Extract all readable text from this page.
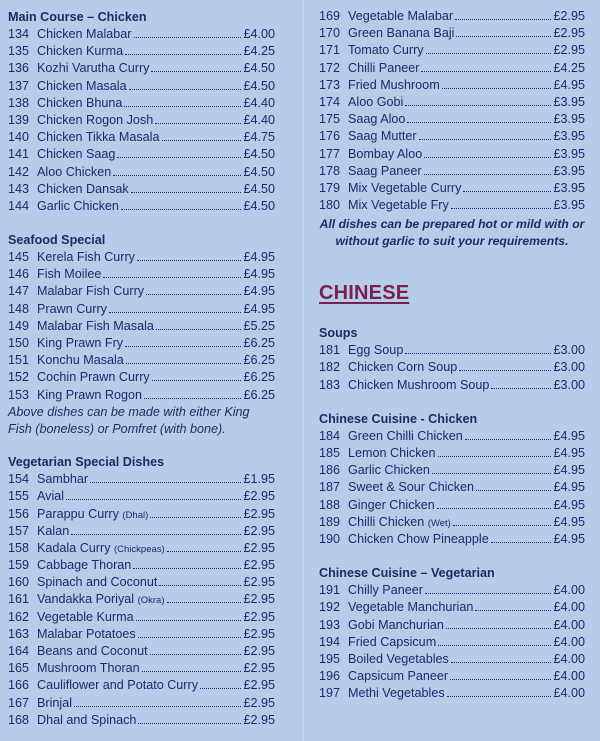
Main Course – Chicken
134 Chicken Malabar	£4.00
135 Chicken Kurma	£4.25
136 Kozhi Varutha Curry	£4.50
137 Chicken Masala	£4.50
138 Chicken Bhuna	£4.40
139 Chicken Rogon Josh	£4.40
140 Chicken Tikka Masala	£4.75
141 Chicken Saag	£4.50
142 Aloo Chicken	£4.50
143 Chicken Dansak	£4.50
144 Garlic Chicken	£4.50
Seafood Special
145 Kerela Fish Curry	£4.95
146 Fish Moilee	£4.95
147 Malabar Fish Curry	£4.95
148 Prawn Curry	£4.95
149 Malabar Fish Masala	£5.25
150 King Prawn Fry	£6.25
151 Konchu Masala	£6.25
152 Cochin Prawn Curry	£6.25
153 King Prawn Rogon	£6.25
Above dishes can be made with either King Fish (boneless) or Pomfret (with bone).
Vegetarian Special Dishes
154 Sambhar	£1.95
155 Avial	£2.95
156 Parappu Curry (Dhal)	£2.95
157 Kalan	£2.95
158 Kadala Curry (Chickpeas)	£2.95
159 Cabbage Thoran	£2.95
160 Spinach and Coconut	£2.95
161 Vandakka Poriyal (Okra)	£2.95
162 Vegetable Kurma	£2.95
163 Malabar Potatoes	£2.95
164 Beans and Coconut	£2.95
165 Mushroom Thoran	£2.95
166 Cauliflower and Potato Curry	£2.95
167 Brinjal	£2.95
168 Dhal and Spinach	£2.95
169 Vegetable Malabar	£2.95
170 Green Banana Baji	£2.95
171 Tomato Curry	£2.95
172 Chilli Paneer	£4.25
173 Fried Mushroom	£4.95
174 Aloo Gobi	£3.95
175 Saag Aloo	£3.95
176 Saag Mutter	£3.95
177 Bombay Aloo	£3.95
178 Saag Paneer	£3.95
179 Mix Vegetable Curry	£3.95
180 Mix Vegetable Fry	£3.95
All dishes can be prepared hot or mild with or without garlic to suit your requirements.
CHINESE
Soups
181 Egg Soup	£3.00
182 Chicken Corn Soup	£3.00
183 Chicken Mushroom Soup	£3.00
Chinese Cuisine - Chicken
184 Green Chilli Chicken	£4.95
185 Lemon Chicken	£4.95
186 Garlic Chicken	£4.95
187 Sweet & Sour Chicken	£4.95
188 Ginger Chicken	£4.95
189 Chilli Chicken (Wet)	£4.95
190 Chicken Chow Pineapple	£4.95
Chinese Cuisine – Vegetarian
191 Chilly Paneer	£4.00
192 Vegetable Manchurian	£4.00
193 Gobi Manchurian	£4.00
194 Fried Capsicum	£4.00
195 Boiled Vegetables	£4.00
196 Capsicum Paneer	£4.00
197 Methi Vegetables	£4.00
